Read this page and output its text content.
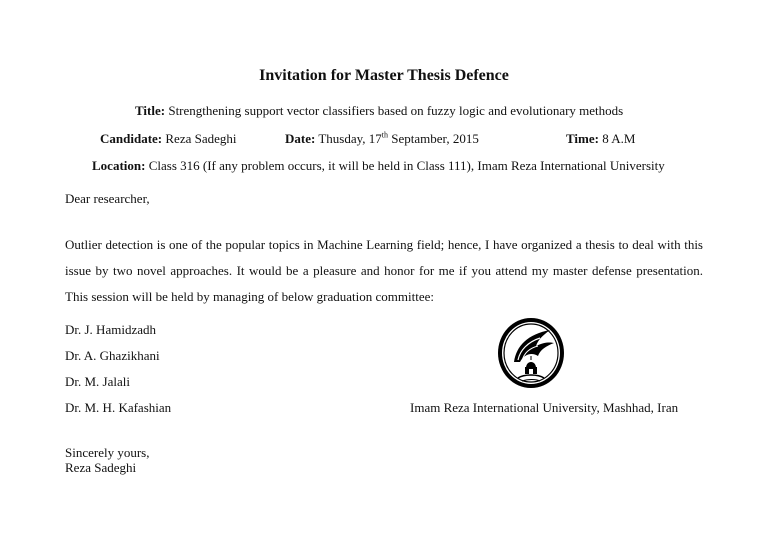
Invitation for Master Thesis Defence
Title: Strengthening support vector classifiers based on fuzzy logic and evolutionary methods
Candidate: Reza Sadeghi	Date: Thusday, 17th Septamber, 2015	Time: 8 A.M
Location: Class 316 (If any problem occurs, it will be held in Class 111), Imam Reza International University
Dear researcher,
Outlier detection is one of the popular topics in Machine Learning field; hence, I have organized a thesis to deal with this issue by two novel approaches. It would be a pleasure and honor for me if you attend my master defense presentation. This session will be held by managing of below graduation committee:
Dr. J. Hamidzadh
Dr. A. Ghazikhani
Dr. M. Jalali
Dr. M. H. Kafashian	Imam Reza International University, Mashhad, Iran
Sincerely yours,
Reza Sadeghi
